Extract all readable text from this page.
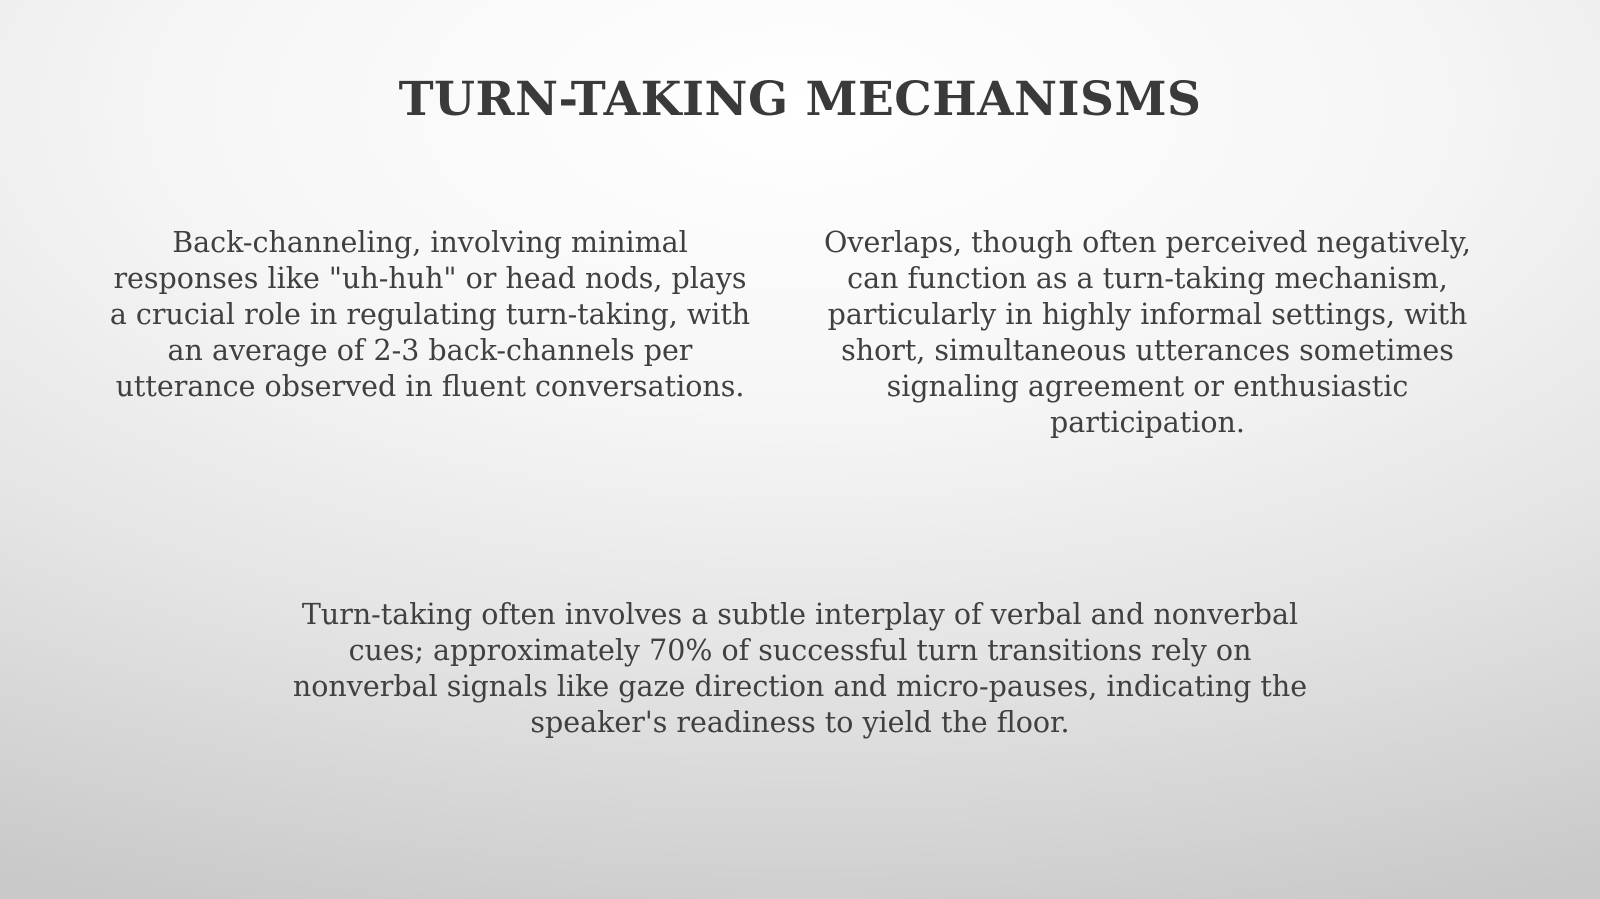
TURN-TAKING MECHANISMS

Back-channeling, involving minimal responses like "uh-huh" or head nods, plays a crucial role in regulating turn-taking, with an average of 2-3 back-channels per utterance observed in fluent conversations.

Overlaps, though often perceived negatively, can function as a turn-taking mechanism, particularly in highly informal settings, with short, simultaneous utterances sometimes signaling agreement or enthusiastic participation.

Turn-taking often involves a subtle interplay of verbal and nonverbal cues; approximately 70% of successful turn transitions rely on nonverbal signals like gaze direction and micro-pauses, indicating the speaker's readiness to yield the floor.
